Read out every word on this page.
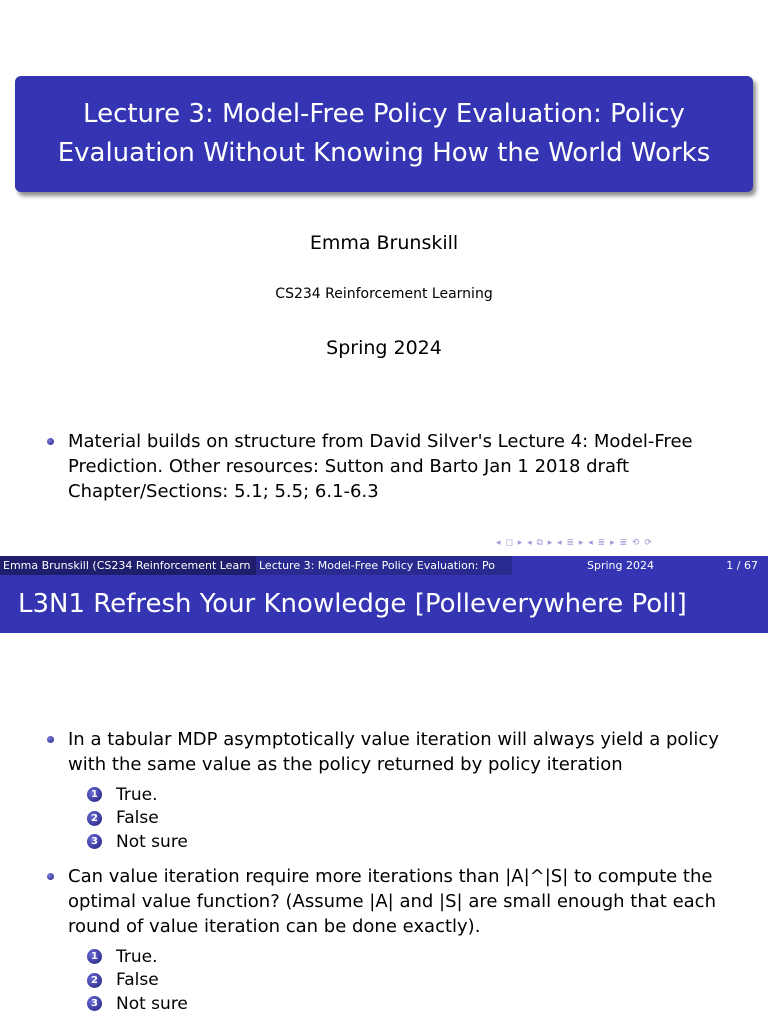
Lecture 3: Model-Free Policy Evaluation: Policy
Evaluation Without Knowing How the World Works
Emma Brunskill
CS234 Reinforcement Learning
Spring 2024
Material builds on structure from David Silver's Lecture 4: Model-Free
Prediction. Other resources: Sutton and Barto Jan 1 2018 draft
Chapter/Sections: 5.1; 5.5; 6.1-6.3
◂ ◻ ▸ ◂ ⧉ ▸ ◂ ≣ ▸ ◂ ≣ ▸ ≣ ⟲ ⟳
Emma Brunskill (CS234 Reinforcement Learn Lecture 3: Model-Free Policy Evaluation: Po	Spring 2024	1 / 67
L3N1 Refresh Your Knowledge [Polleverywhere Poll]
In a tabular MDP asymptotically value iteration will always yield a policy
with the same value as the policy returned by policy iteration
1 True.
2 False
3 Not sure
Can value iteration require more iterations than |A|^|S| to compute the
optimal value function? (Assume |A| and |S| are small enough that each
round of value iteration can be done exactly).
1 True.
2 False
3 Not sure
